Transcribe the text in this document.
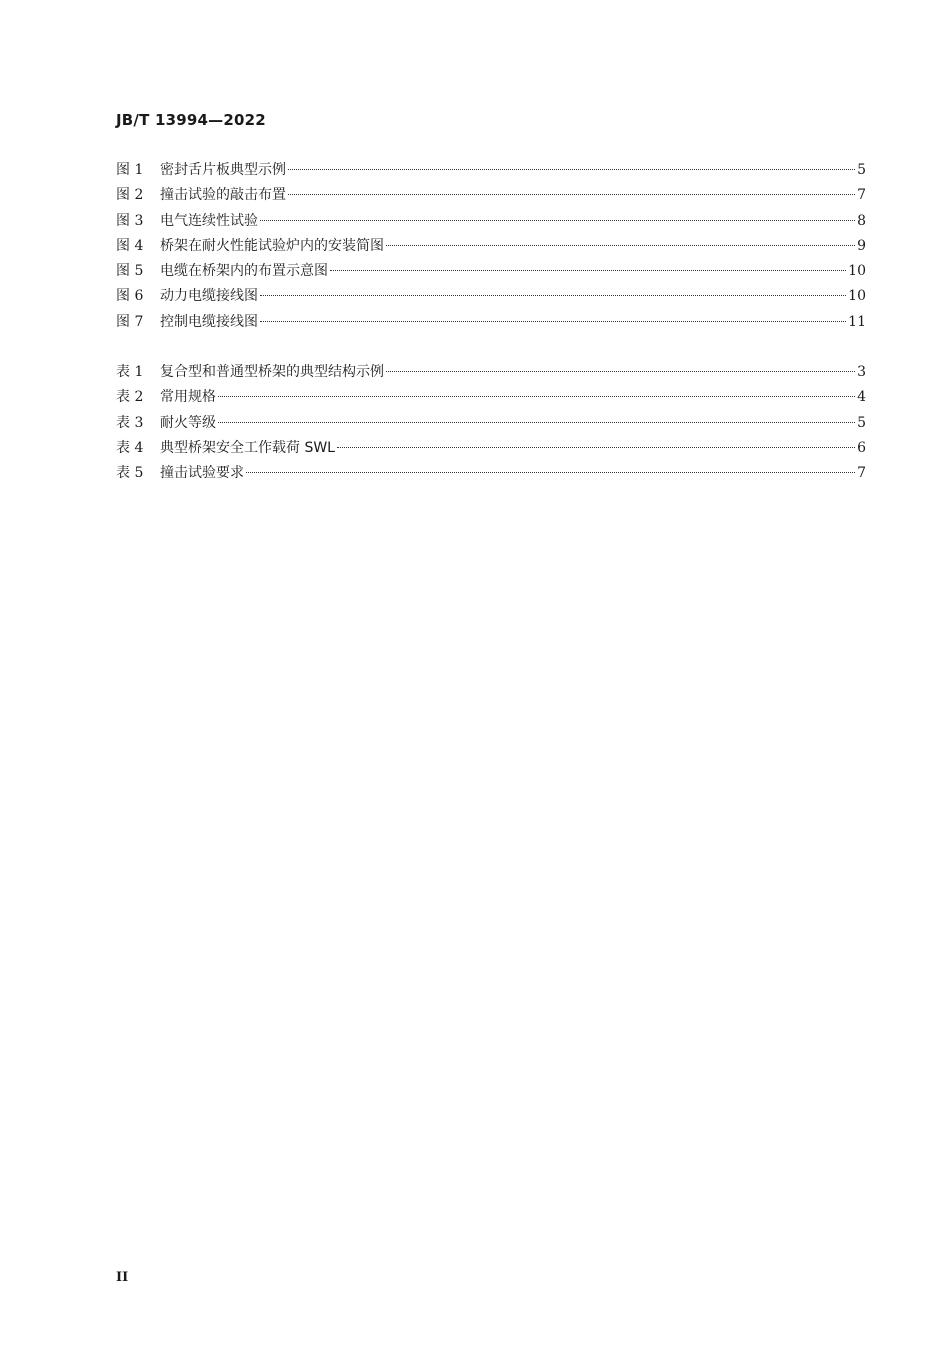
JB/T 13994—2022
图 1	密封舌片板典型示例	5
图 2	撞击试验的敲击布置	7
图 3	电气连续性试验	8
图 4	桥架在耐火性能试验炉内的安装简图	9
图 5	电缆在桥架内的布置示意图	10
图 6	动力电缆接线图	10
图 7	控制电缆接线图	11
表 1	复合型和普通型桥架的典型结构示例	3
表 2	常用规格	4
表 3	耐火等级	5
表 4	典型桥架安全工作载荷 SWL	6
表 5	撞击试验要求	7
II
